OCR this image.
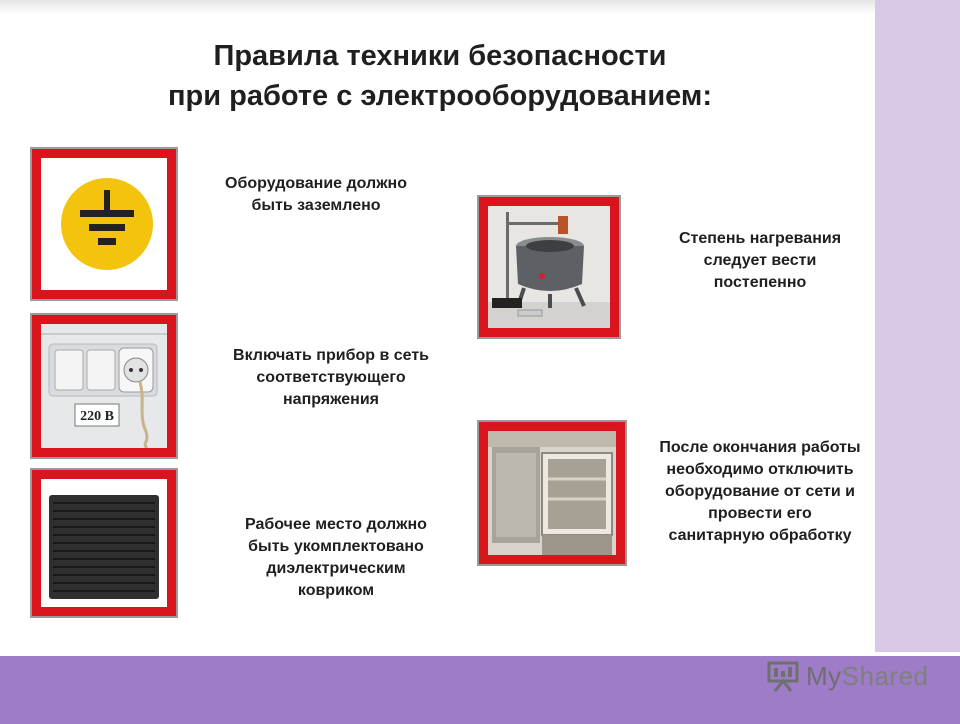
Правила техники безопасности
при работе с электрооборудованием:
220 В
Оборудование должно
быть заземлено
Включать прибор в сеть
соответствующего
напряжения
Рабочее место должно
быть укомплектовано
диэлектрическим
ковриком
Степень нагревания
следует вести
постепенно
После окончания работы
необходимо отключить
оборудование от сети и
провести его
санитарную обработку
MyShared
